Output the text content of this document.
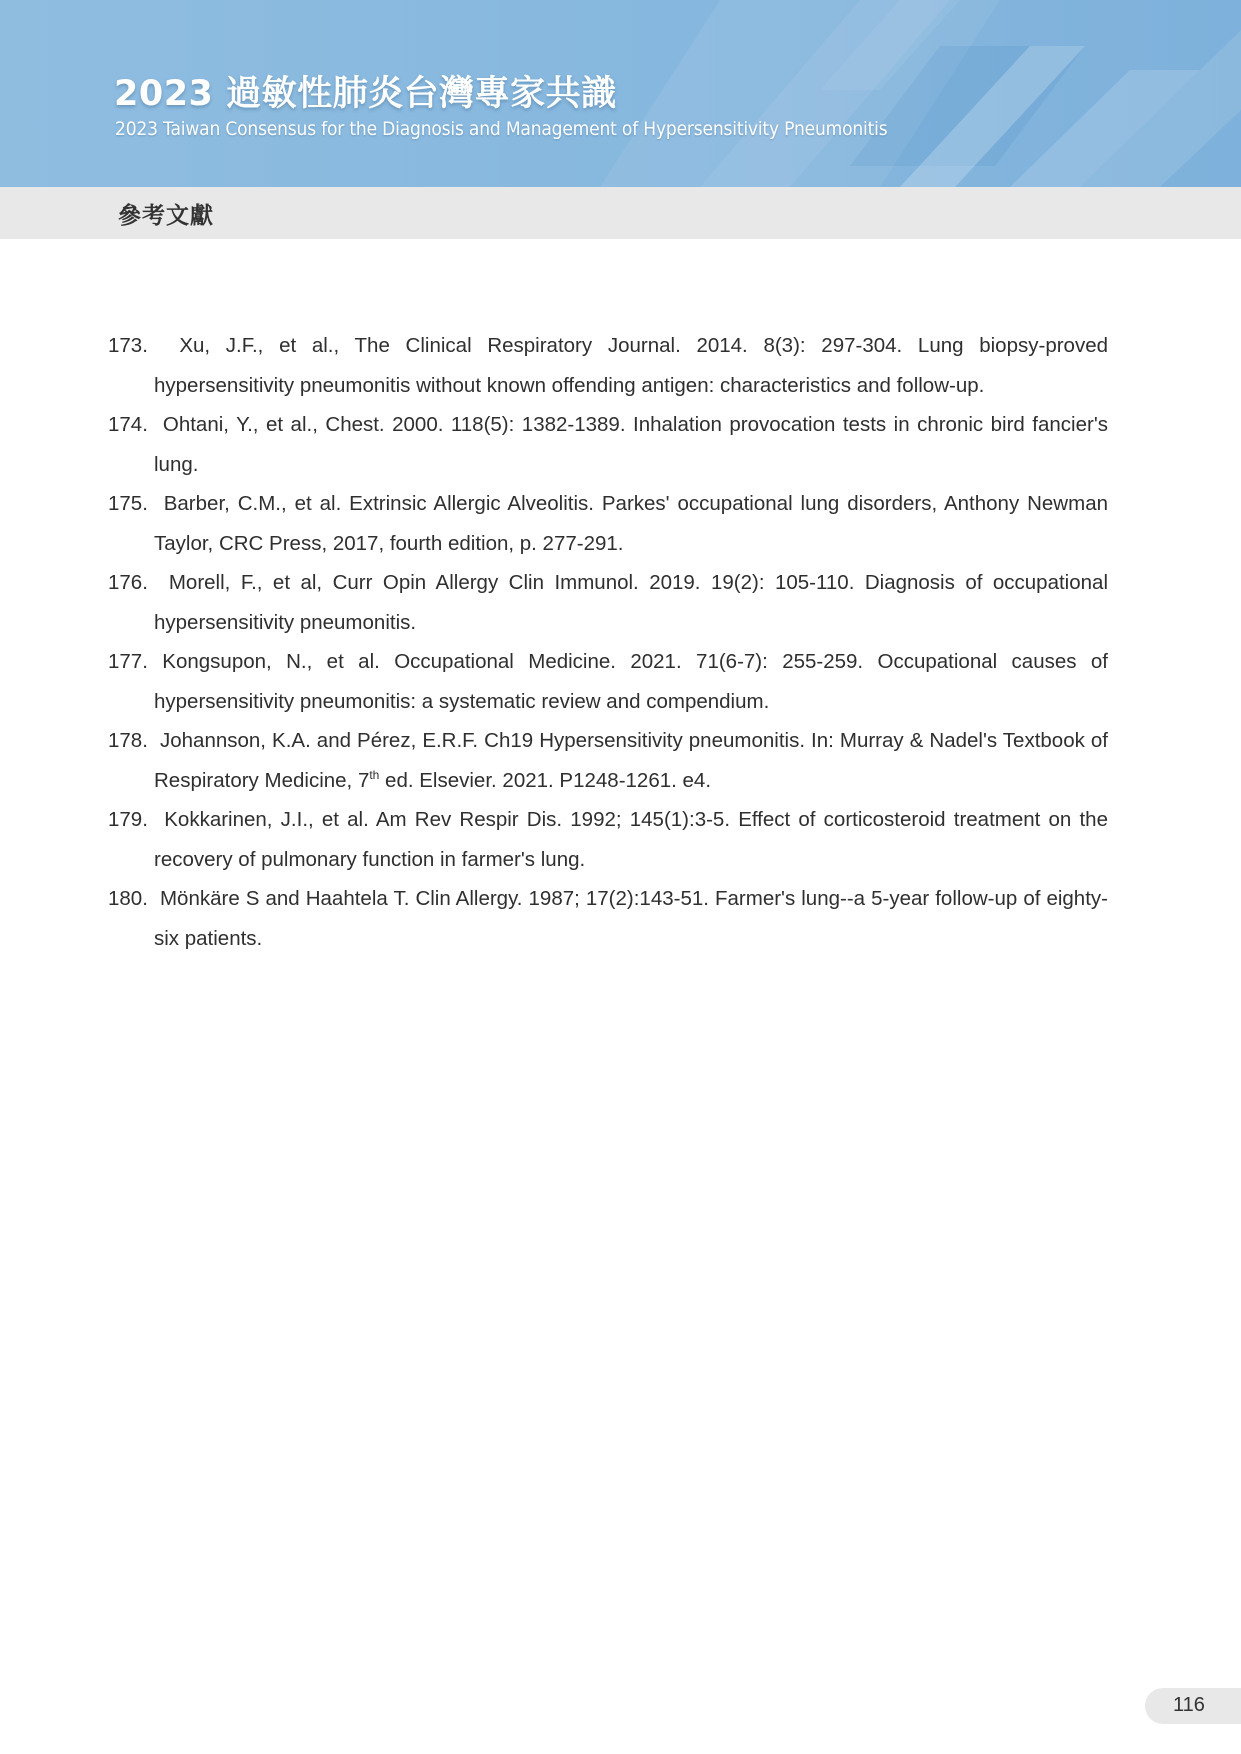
2023 過敏性肺炎台灣專家共識
2023 Taiwan Consensus for the Diagnosis and Management of Hypersensitivity Pneumonitis
參考文獻
173. Xu, J.F., et al., The Clinical Respiratory Journal. 2014. 8(3): 297-304. Lung biopsy-proved hypersensitivity pneumonitis without known offending antigen: characteristics and follow-up.
174. Ohtani, Y., et al., Chest. 2000. 118(5): 1382-1389. Inhalation provocation tests in chronic bird fancier's lung.
175. Barber, C.M., et al. Extrinsic Allergic Alveolitis. Parkes' occupational lung disorders, Anthony Newman Taylor, CRC Press, 2017, fourth edition, p. 277-291.
176. Morell, F., et al, Curr Opin Allergy Clin Immunol. 2019. 19(2): 105-110. Diagnosis of occupational hypersensitivity pneumonitis.
177. Kongsupon, N., et al. Occupational Medicine. 2021. 71(6-7): 255-259. Occupational causes of hypersensitivity pneumonitis: a systematic review and compendium.
178. Johannson, K.A. and Pérez, E.R.F. Ch19 Hypersensitivity pneumonitis. In: Murray & Nadel's Textbook of Respiratory Medicine, 7th ed. Elsevier. 2021. P1248-1261. e4.
179. Kokkarinen, J.I., et al. Am Rev Respir Dis. 1992; 145(1):3-5. Effect of corticosteroid treatment on the recovery of pulmonary function in farmer's lung.
180. Mönkäre S and Haahtela T. Clin Allergy. 1987; 17(2):143-51. Farmer's lung--a 5-year follow-up of eighty-six patients.
116
